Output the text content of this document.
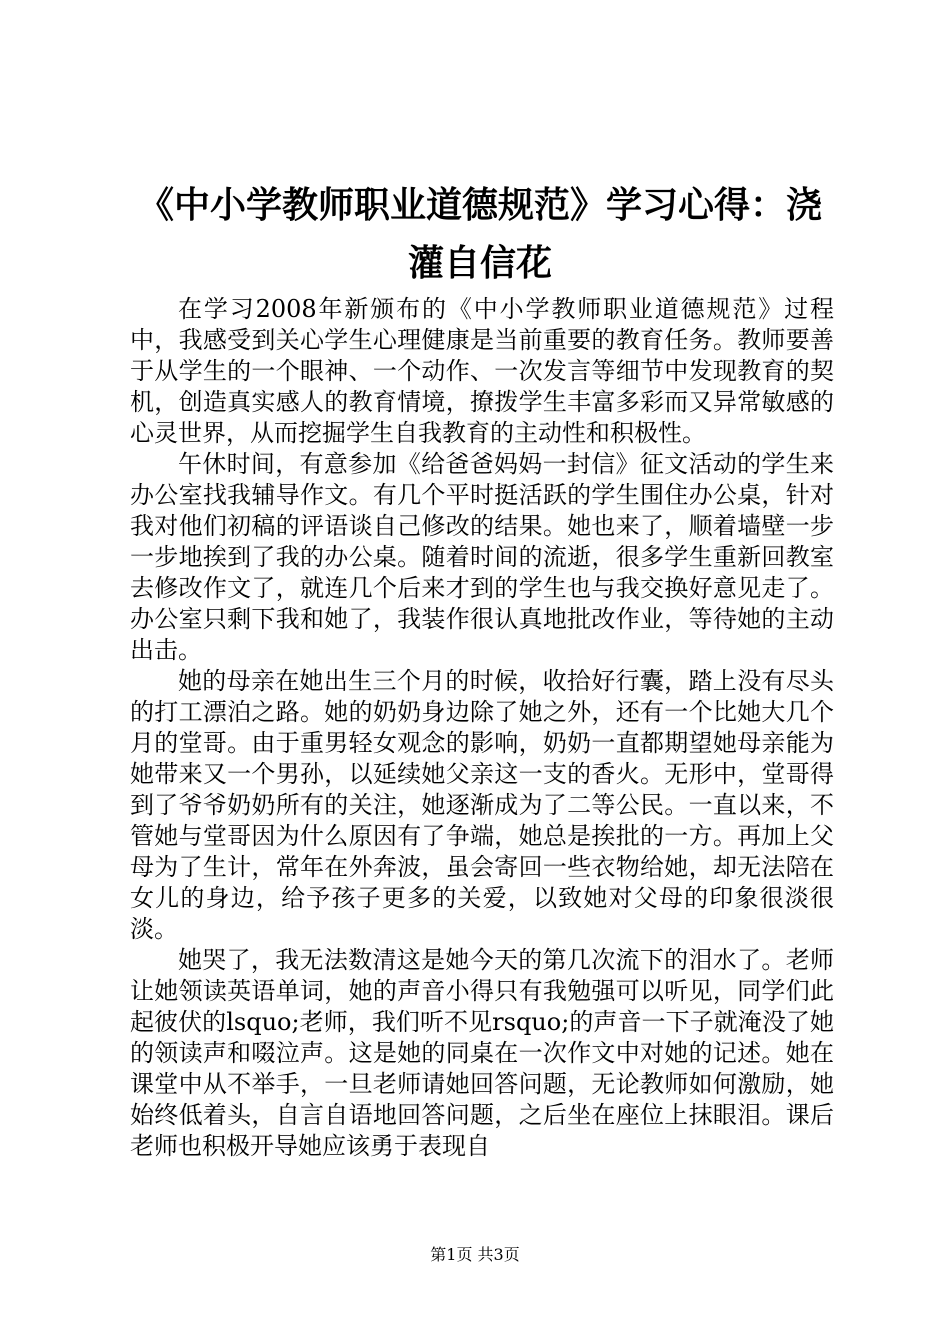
《中小学教师职业道德规范》学习心得：浇灌自信花

在学习2008年新颁布的《中小学教师职业道德规范》过程中，我感受到关心学生心理健康是当前重要的教育任务。教师要善于从学生的一个眼神、一个动作、一次发言等细节中发现教育的契机，创造真实感人的教育情境，撩拨学生丰富多彩而又异常敏感的心灵世界，从而挖掘学生自我教育的主动性和积极性。

午休时间，有意参加《给爸爸妈妈一封信》征文活动的学生来办公室找我辅导作文。有几个平时挺活跃的学生围住办公桌，针对我对他们初稿的评语谈自己修改的结果。她也来了，顺着墙壁一步一步地挨到了我的办公桌。随着时间的流逝，很多学生重新回教室去修改作文了，就连几个后来才到的学生也与我交换好意见走了。办公室只剩下我和她了，我装作很认真地批改作业，等待她的主动出击。

她的母亲在她出生三个月的时候，收拾好行囊，踏上没有尽头的打工漂泊之路。她的奶奶身边除了她之外，还有一个比她大几个月的堂哥。由于重男轻女观念的影响，奶奶一直都期望她母亲能为她带来又一个男孙，以延续她父亲这一支的香火。无形中，堂哥得到了爷爷奶奶所有的关注，她逐渐成为了二等公民。一直以来，不管她与堂哥因为什么原因有了争端，她总是挨批的一方。再加上父母为了生计，常年在外奔波，虽会寄回一些衣物给她，却无法陪在女儿的身边，给予孩子更多的关爱，以致她对父母的印象很淡很淡。

她哭了，我无法数清这是她今天的第几次流下的泪水了。老师让她领读英语单词，她的声音小得只有我勉强可以听见，同学们此起彼伏的lsquo;老师，我们听不见rsquo;的声音一下子就淹没了她的领读声和啜泣声。这是她的同桌在一次作文中对她的记述。她在课堂中从不举手，一旦老师请她回答问题，无论教师如何激励，她始终低着头，自言自语地回答问题，之后坐在座位上抹眼泪。课后老师也积极开导她应该勇于表现自

第1页 共3页
